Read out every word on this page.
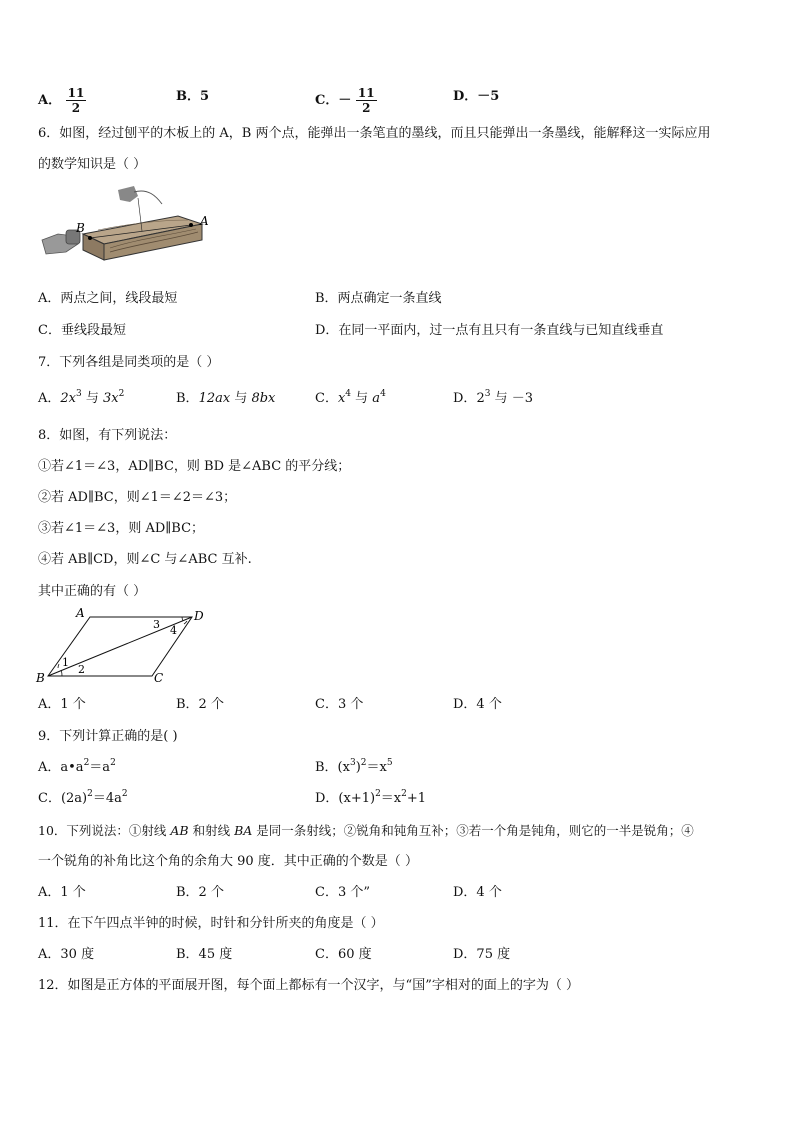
A． $\frac{11}{2}$	B．5	C．－ $\frac{11}{2}$	D．－5
6．如图，经过刨平的木板上的 A，B 两个点，能弹出一条笔直的墨线，而且只能弹出一条墨线，能解释这一实际应用
的数学知识是（ ）
B	A
A．两点之间，线段最短	B．两点确定一条直线
C．垂线段最短	D．在同一平面内，过一点有且只有一条直线与已知直线垂直
7．下列各组是同类项的是（ ）
A．$2x^3$ 与 $3x^2$	B．12ax 与 8bx	C．$x^4$ 与 $a^4$	D．$2^3$ 与 －3
8．如图，有下列说法：
①若∠1＝∠3，AD∥BC，则 BD 是∠ABC 的平分线；
②若 AD∥BC，则∠1＝∠2＝∠3；
③若∠1＝∠3，则 AD∥BC；
④若 AB∥CD，则∠C 与∠ABC 互补.
其中正确的有（ ）
A
B	C
D
1
2
3 4
A．1 个	B．2 个	C．3 个	D．4 个
9．下列计算正确的是( )
A．$a•a^2=a^2$	B．$(x^3)^2=x^5$
C．$(2a)^2=4a^2$	D．$(x+1)^2=x^2+1$
10．下列说法：①射线 AB 和射线 BA 是同一条射线；②锐角和钝角互补；③若一个角是钝角，则它的一半是锐角；④
一个锐角的补角比这个角的余角大 90 度．其中正确的个数是（ ）
A．1 个	B．2 个	C．3 个”	D．4 个
11．在下午四点半钟的时候，时针和分针所夹的角度是（ ）
A．30 度	B．45 度	C．60 度	D．75 度
12．如图是正方体的平面展开图，每个面上都标有一个汉字，与“国”字相对的面上的字为（ ）
